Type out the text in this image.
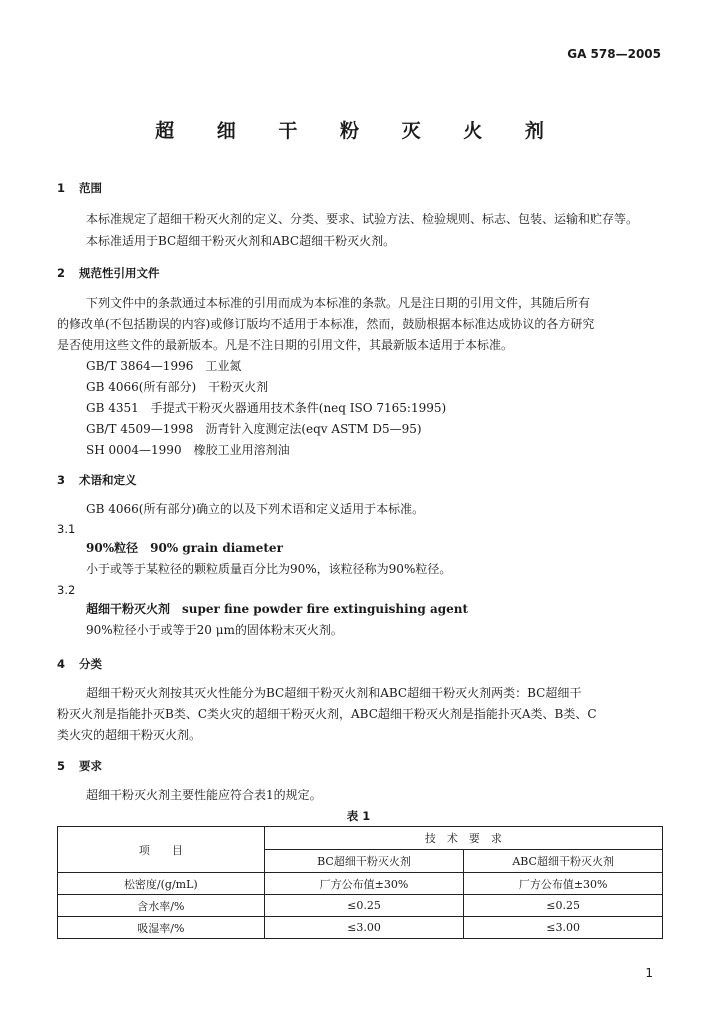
GA 578—2005
超 细 干 粉 灭 火 剂
1 范围
本标准规定了超细干粉灭火剂的定义、分类、要求、试验方法、检验规则、标志、包装、运输和贮存等。
本标准适用于BC超细干粉灭火剂和ABC超细干粉灭火剂。
2 规范性引用文件
下列文件中的条款通过本标准的引用而成为本标准的条款。凡是注日期的引用文件，其随后所有
的修改单(不包括勘误的内容)或修订版均不适用于本标准，然而，鼓励根据本标准达成协议的各方研究
是否使用这些文件的最新版本。凡是不注日期的引用文件，其最新版本适用于本标准。
GB/T 3864—1996　工业氮
GB 4066(所有部分)　干粉灭火剂
GB 4351　手提式干粉灭火器通用技术条件(neq ISO 7165:1995)
GB/T 4509—1998　沥青针入度测定法(eqv ASTM D5—95)
SH 0004—1990　橡胶工业用溶剂油
3 术语和定义
GB 4066(所有部分)确立的以及下列术语和定义适用于本标准。
3.1
90%粒径　90% grain diameter
小于或等于某粒径的颗粒质量百分比为90%，该粒径称为90%粒径。
3.2
超细干粉灭火剂　super fine powder fire extinguishing agent
90%粒径小于或等于20 μm的固体粉末灭火剂。
4 分类
超细干粉灭火剂按其灭火性能分为BC超细干粉灭火剂和ABC超细干粉灭火剂两类：BC超细干
粉灭火剂是指能扑灭B类、C类火灾的超细干粉灭火剂，ABC超细干粉灭火剂是指能扑灭A类、B类、C
类火灾的超细干粉灭火剂。
5 要求
超细干粉灭火剂主要性能应符合表1的规定。
表 1
项　　目	技　术　要　求	
	BC超细干粉灭火剂	ABC超细干粉灭火剂
松密度/(g/mL)	厂方公布值±30%	厂方公布值±30%
含水率/%	≤0.25	≤0.25
吸湿率/%	≤3.00	≤3.00
1
